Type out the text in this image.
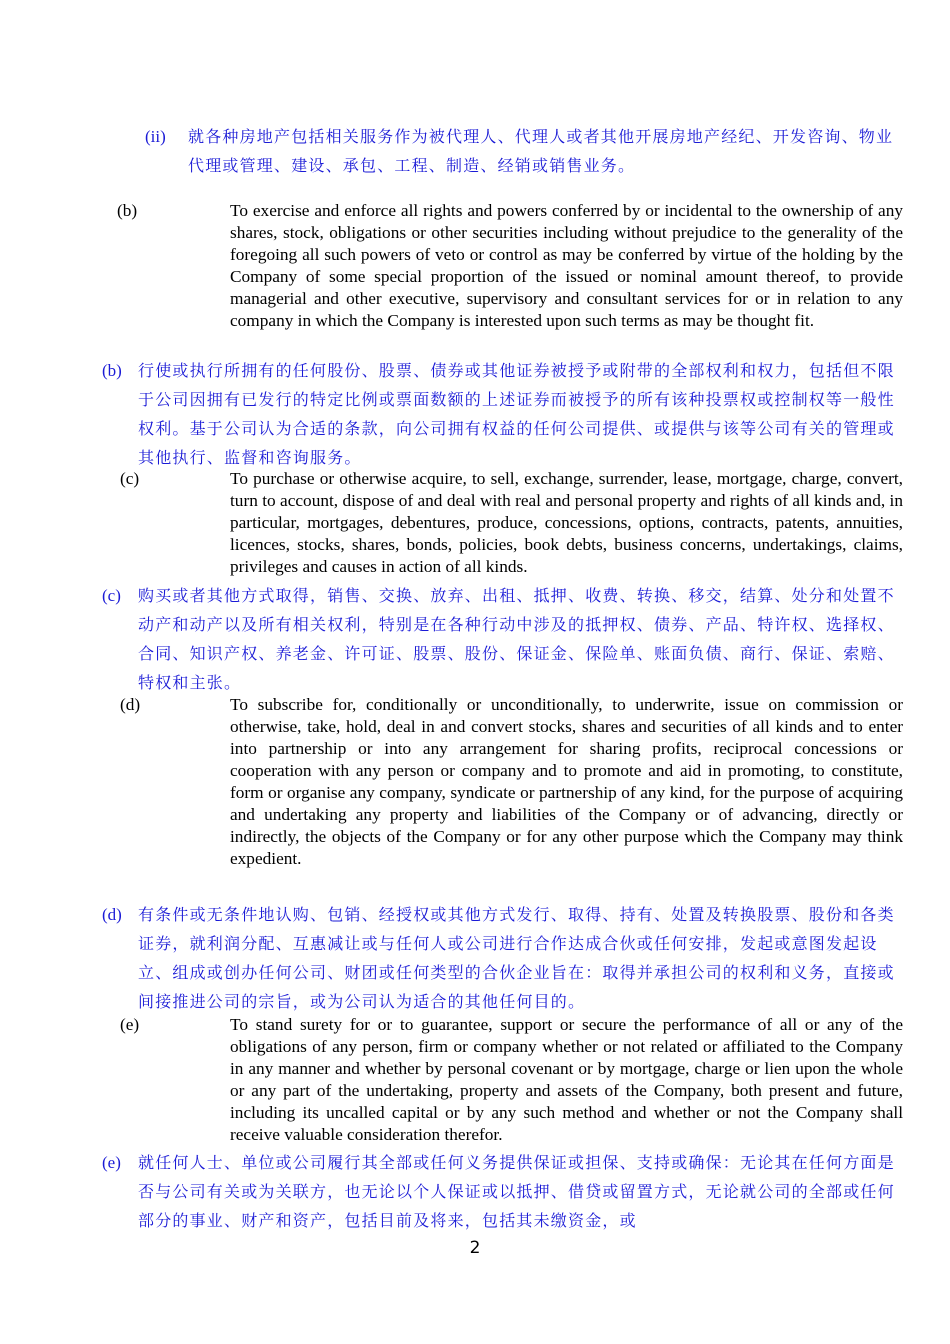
(ii) 就各种房地产包括相关服务作为被代理人、代理人或者其他开展房地产经纪、开发咨询、物业代理或管理、建设、承包、工程、制造、经销或销售业务。
(b)	To exercise and enforce all rights and powers conferred by or incidental to the ownership of any shares, stock, obligations or other securities including without prejudice to the generality of the foregoing all such powers of veto or control as may be conferred by virtue of the holding by the Company of some special proportion of the issued or nominal amount thereof, to provide managerial and other executive, supervisory and consultant services for or in relation to any company in which the Company is interested upon such terms as may be thought fit.
(b) 行使或执行所拥有的任何股份、股票、债券或其他证券被授予或附带的全部权利和权力，包括但不限于公司因拥有已发行的特定比例或票面数额的上述证券而被授予的所有该种投票权或控制权等一般性权利。基于公司认为合适的条款，向公司拥有权益的任何公司提供、或提供与该等公司有关的管理或其他执行、监督和咨询服务。
(c)	To purchase or otherwise acquire, to sell, exchange, surrender, lease, mortgage, charge, convert, turn to account, dispose of and deal with real and personal property and rights of all kinds and, in particular, mortgages, debentures, produce, concessions, options, contracts, patents, annuities, licences, stocks, shares, bonds, policies, book debts, business concerns, undertakings, claims, privileges and causes in action of all kinds.
(c) 购买或者其他方式取得，销售、交换、放弃、出租、抵押、收费、转换、移交，结算、处分和处置不动产和动产以及所有相关权利，特别是在各种行动中涉及的抵押权、债券、产品、特许权、选择权、合同、知识产权、养老金、许可证、股票、股份、保证金、保险单、账面负债、商行、保证、索赔、特权和主张。
(d)	To subscribe for, conditionally or unconditionally, to underwrite, issue on commission or otherwise, take, hold, deal in and convert stocks, shares and securities of all kinds and to enter into partnership or into any arrangement for sharing profits, reciprocal concessions or cooperation with any person or company and to promote and aid in promoting, to constitute, form or organise any company, syndicate or partnership of any kind, for the purpose of acquiring and undertaking any property and liabilities of the Company or of advancing, directly or indirectly, the objects of the Company or for any other purpose which the Company may think expedient.
(d) 有条件或无条件地认购、包销、经授权或其他方式发行、取得、持有、处置及转换股票、股份和各类证券，就利润分配、互惠减让或与任何人或公司进行合作达成合伙或任何安排，发起或意图发起设立、组成或创办任何公司、财团或任何类型的合伙企业旨在：取得并承担公司的权利和义务，直接或间接推进公司的宗旨，或为公司认为适合的其他任何目的。
(e)	To stand surety for or to guarantee, support or secure the performance of all or any of the obligations of any person, firm or company whether or not related or affiliated to the Company in any manner and whether by personal covenant or by mortgage, charge or lien upon the whole or any part of the undertaking, property and assets of the Company, both present and future, including its uncalled capital or by any such method and whether or not the Company shall receive valuable consideration therefor.
(e) 就任何人士、单位或公司履行其全部或任何义务提供保证或担保、支持或确保：无论其在任何方面是否与公司有关或为关联方，也无论以个人保证或以抵押、借贷或留置方式，无论就公司的全部或任何部分的事业、财产和资产，包括目前及将来，包括其未缴资金，或
2
